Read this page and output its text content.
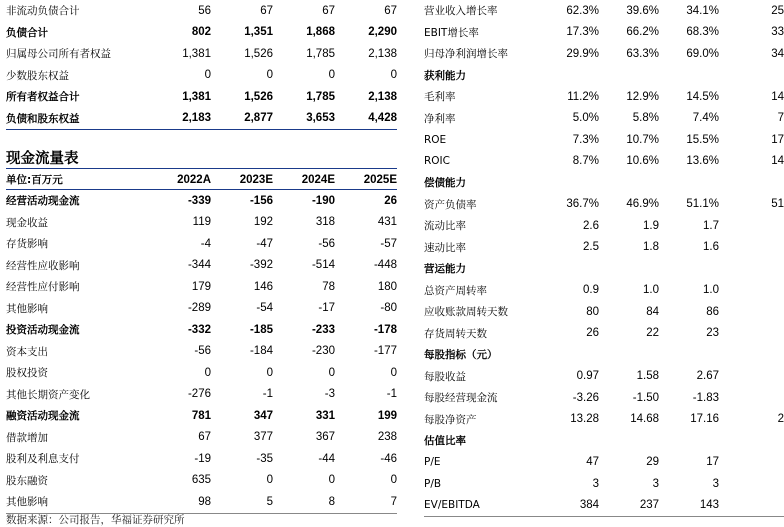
非流动负债合计	56	67	67	67
负债合计	802	1,351	1,868	2,290
归属母公司所有者权益	1,381	1,526	1,785	2,138
少数股东权益	0	0	0	0
所有者权益合计	1,381	1,526	1,785	2,138
负债和股东权益	2,183	2,877	3,653	4,428
现金流量表
单位:百万元	2022A	2023E	2024E	2025E
经营活动现金流	-339	-156	-190	26
现金收益	119	192	318	431
存货影响	-4	-47	-56	-57
经营性应收影响	-344	-392	-514	-448
经营性应付影响	179	146	78	180
其他影响	-289	-54	-17	-80
投资活动现金流	-332	-185	-233	-178
资本支出	-56	-184	-230	-177
股权投资	0	0	0	0
其他长期资产变化	-276	-1	-3	-1
融资活动现金流	781	347	331	199
借款增加	67	377	367	238
股利及利息支付	-19	-35	-44	-46
股东融资	635	0	0	0
其他影响	98	5	8	7
营业收入增长率	62.3%	39.6%	34.1%	25
EBIT增长率	17.3%	66.2%	68.3%	33
归母净利润增长率	29.9%	63.3%	69.0%	34
获利能力				
毛利率	11.2%	12.9%	14.5%	14
净利率	5.0%	5.8%	7.4%	7
ROE	7.3%	10.7%	15.5%	17
ROIC	8.7%	10.6%	13.6%	14
偿债能力				
资产负债率	36.7%	46.9%	51.1%	51
流动比率	2.6	1.9	1.7	
速动比率	2.5	1.8	1.6	
营运能力				
总资产周转率	0.9	1.0	1.0	
应收账款周转天数	80	84	86	
存货周转天数	26	22	23	
每股指标（元）				
每股收益	0.97	1.58	2.67	
每股经营现金流	-3.26	-1.50	-1.83	
每股净资产	13.28	14.68	17.16	2
估值比率				
P/E	47	29	17	
P/B	3	3	3	
EV/EBITDA	384	237	143	
数据来源：公司报告，华福证券研究所
